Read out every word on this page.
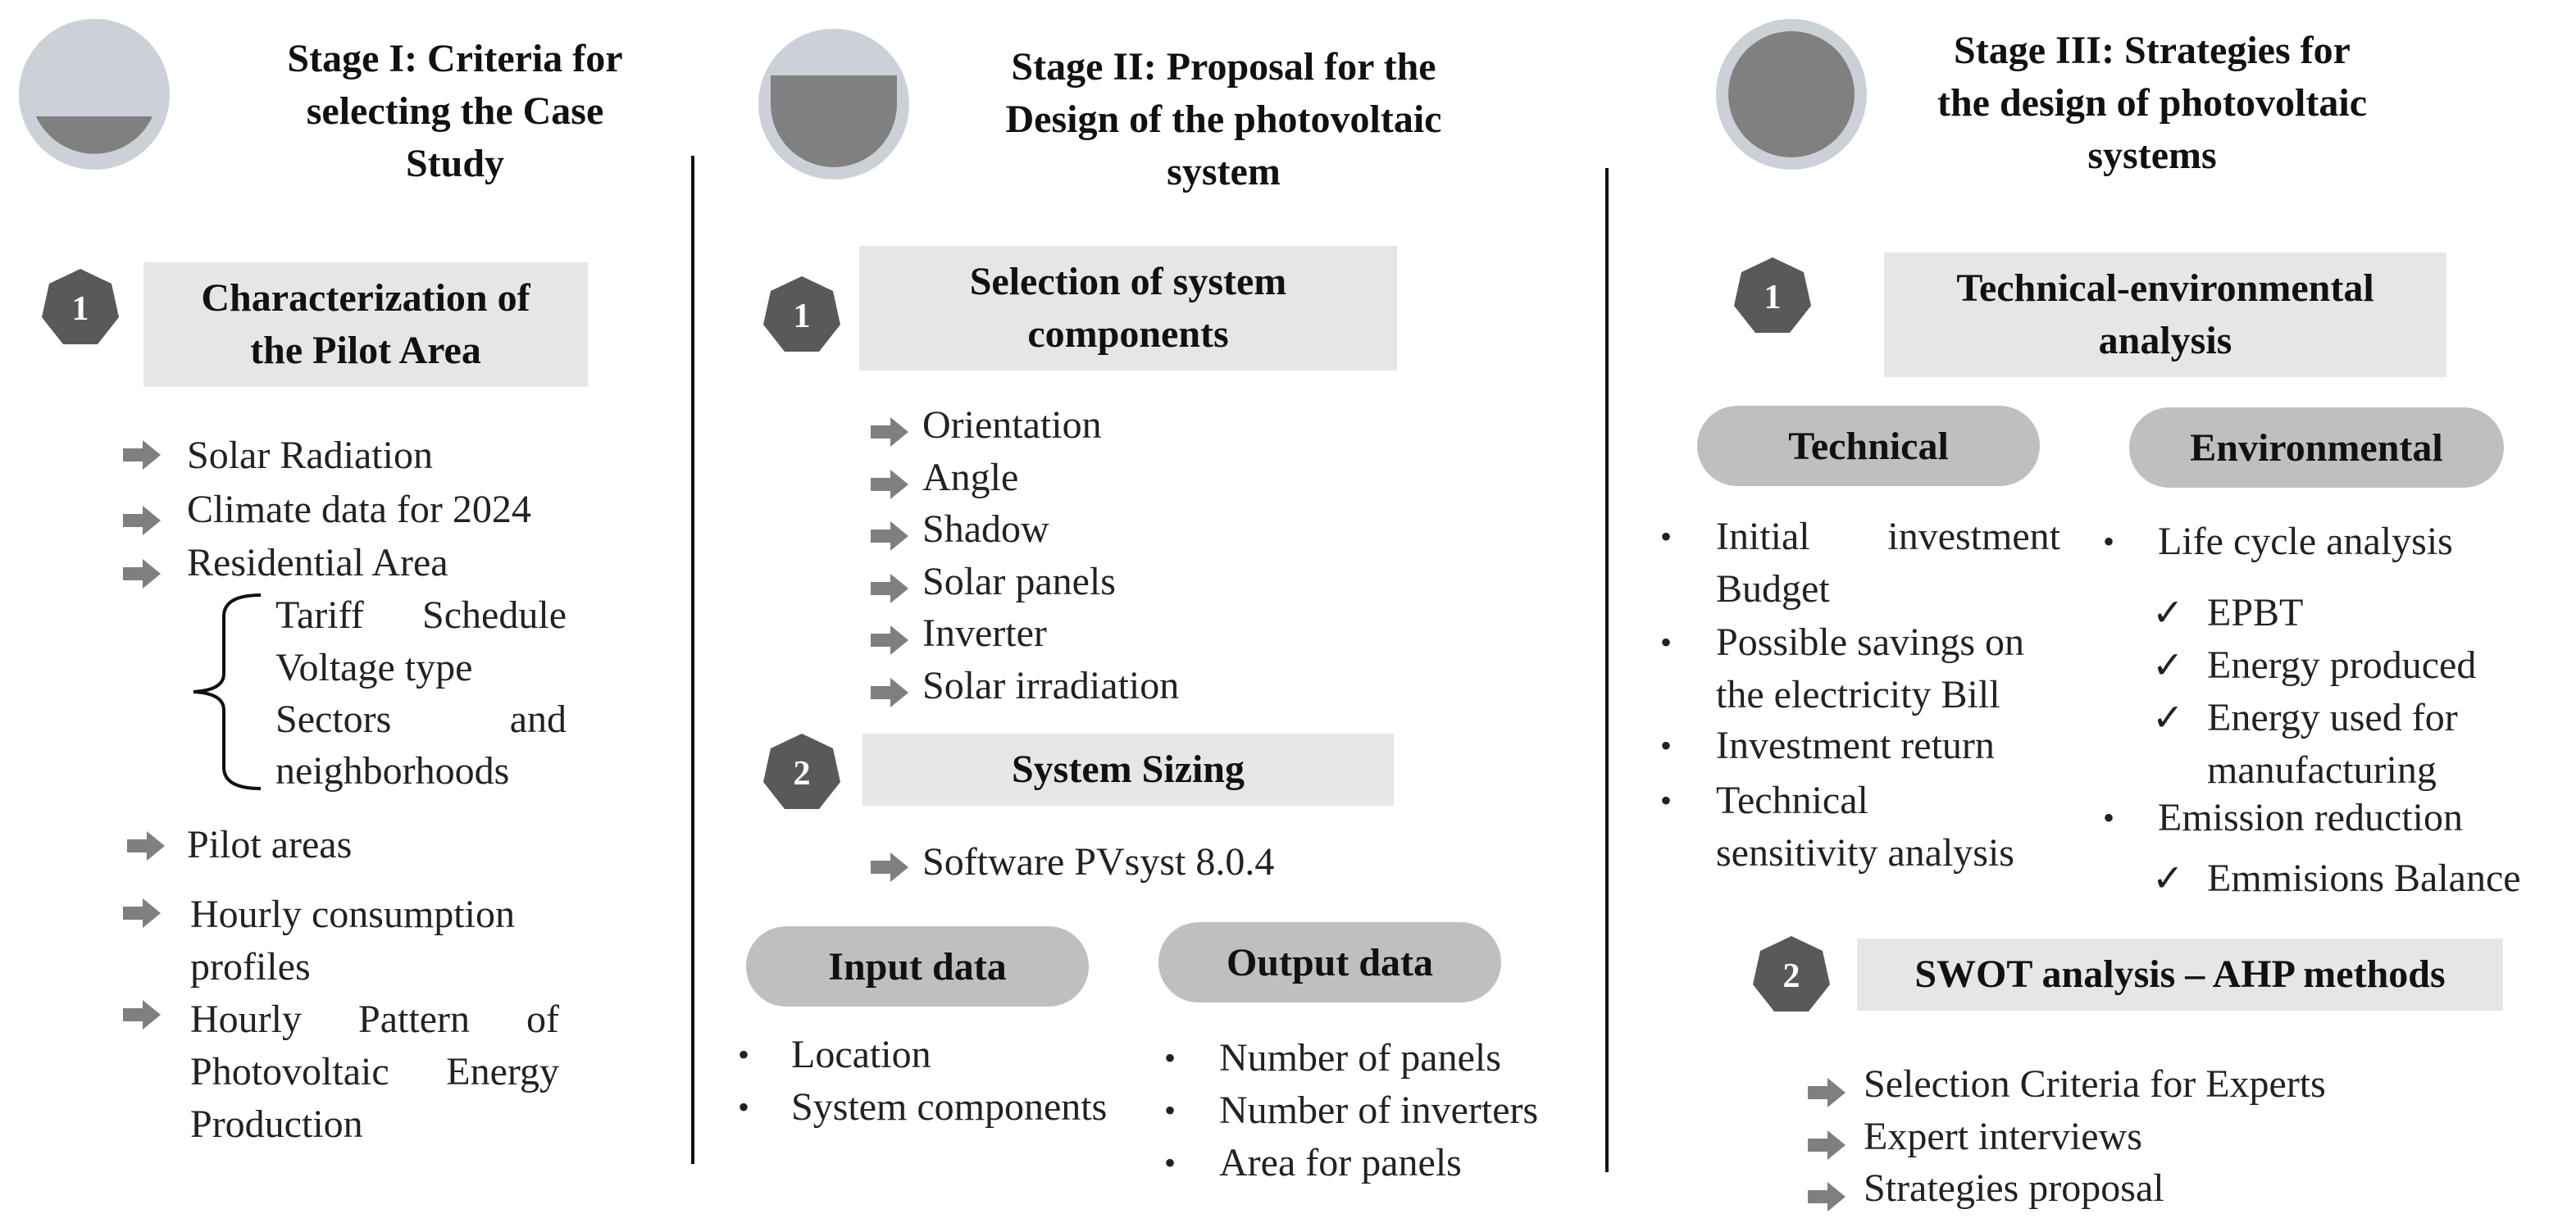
Stage I: Criteria for
selecting the Case
Study
1	Characterization of
the Pilot Area
Solar Radiation
Climate data for 2024
Residential Area
Tariff Schedule
Voltage type
Sectors	and
neighborhoods
Pilot areas
Hourly consumption
profiles
Hourly Pattern of
Photovoltaic Energy
Production
Stage II: Proposal for the
Design of the photovoltaic
system
1
Selection of system
components
Orientation
Angle
Shadow
Solar panels
Inverter
Solar irradiation
2	System Sizing
Software PVsyst 8.0.4
Input data	Output data
• Location
• System components
• Number of panels
• Number of inverters
• Area for panels
Stage III: Strategies for
the design of photovoltaic
systems
1	Technical-environmental
analysis
Technical	Environmental
• Initial investment
Budget
• Possible savings on
the electricity Bill
• Investment return
• Technical
sensitivity analysis
• Life cycle analysis
✓ EPBT
✓ Energy produced
✓ Energy used for
manufacturing
• Emission reduction
✓ Emmisions Balance
2	SWOT analysis – AHP methods
Selection Criteria for Experts
Expert interviews
Strategies proposal
